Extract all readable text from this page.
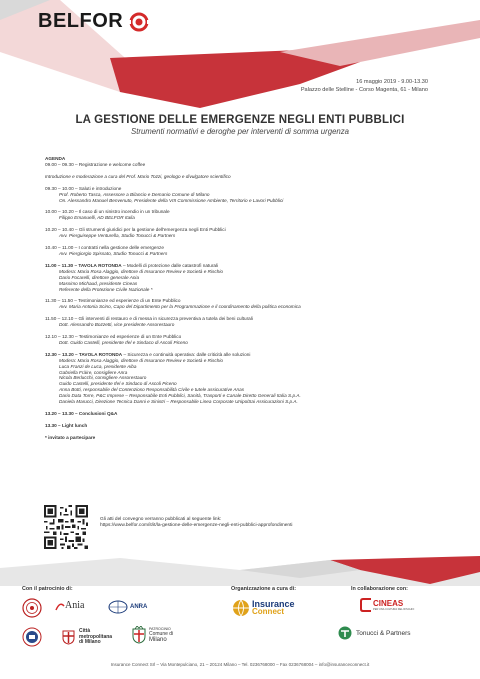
BELFOR
16 maggio 2019 - 9.00-13.30
Palazzo delle Stelline - Corso Magenta, 61 - Milano
LA GESTIONE DELLE EMERGENZE NEGLI ENTI PUBBLICI
Strumenti normativi e deroghe per interventi di somma urgenza
AGENDA
09.00 – 09.30 – Registrazione e welcome coffee
Introduzione e moderazione a cura del Prof. Mario Tozzi, geologo e divulgatore scientifico
09.30 – 10.00 – Saluti e introduzione
Prof. Roberto Tasca, Assessore a Bilancio e Demanio Comune di Milano
On. Alessandro Manuel Benvenuto, Presidente della VIII Commissione Ambiente, Territorio e Lavori Pubblici
10.00 – 10.20 – Il caso di un sinistro incendio in un tribunale
Filippo Emanuelli, AD BELFOR Italia
10.20 – 10.40 – Gli strumenti giuridici per la gestione dell'emergenza negli Enti Pubblici
Avv. Pierguiseppe Venturella, Studio Tonucci & Partners
10.40 – 11.00 – I contratti nella gestione delle emergenze
Avv. Piergiorgio Spissato, Studio Tonucci & Partners
11.00 – 11.30 – TAVOLA ROTONDA – Modelli di protezione dalle catastrofi naturali
Modera: Maria Rosa Alaggio, direttore di Insurance Review e Società e Rischio
Dario Focarelli, direttore generale Ania
Massimo Michaud, presidente Cineas
Referente della Protezione Civile Nazionale *
11.30 – 11.50 – Testimonianze ed esperienze di un Ente Pubblico
Avv. Maria Antonia Scino, Capo del Dipartimento per la Programmazione e il coordinamento della politica economica
11.50 – 12.10 – Gli interventi di restauro e di messa in sicurezza preventiva a tutela dei beni culturali
Dott. Alessandro Bozzetti, vice presidente Assorestauro
12.10 – 12.30 – Testimonianze ed esperienze di un Ente Pubblico
Dott. Guido Castelli, presidente Ifel e Sindaco di Ascoli Piceno
12.30 – 13.20 – TAVOLA ROTONDA – Sicurezza e continuità operativa: dalle criticità alle soluzioni
Modera: Maria Rosa Alaggio, direttore di Insurance Review e Società e Rischio
Luca Franzi de Luca, presidente Aiba
Gabriella Fràire, consigliere Anra
Nicola Berlucchi, consigliere Assorestauro
Guido Castelli, presidente Ifel e Sindaco di Ascoli Piceno
Anna Botti, responsabile del Contenzioso Responsabilità Civile e tutele assicurative Anas
Dario Data Torre, P&C Imprese – Responsabile Enti Pubblici, Sanità, Trasporti e Canale Diretto Generali Italia S.p.A.
Daniela Marucci, Direzione Tecnica Danni e Sinistri – Responsabile Linea Corporate UnipolSai Assicurazioni S.p.A.
13.20 – 13.30 – Conclusioni Q&A
13.30 – Light lunch
* invitato a partecipare
Gli atti del convegno verranno pubblicati al seguente link:
https://www.belfor.com/it/it/la-gestione-delle-emergenze-negli-enti-pubblici-approfondimenti
Con il patrocinio di:	Organizzazione a cura di:	In collaborazione con:
Ania	ANRA
Città
metropolitana
di Milano
PATROCINIO
Comune di
Milano
Insurance
Connect
CINEAS
PER UNA CULTURA DEL RISCHIO
Tonucci & Partners
Insurance Connect Srl – Via Montepulciano, 21 – 20124 Milano – Tel. 0236768000 – Fax 0236768004 – info@insuranceconnect.it
